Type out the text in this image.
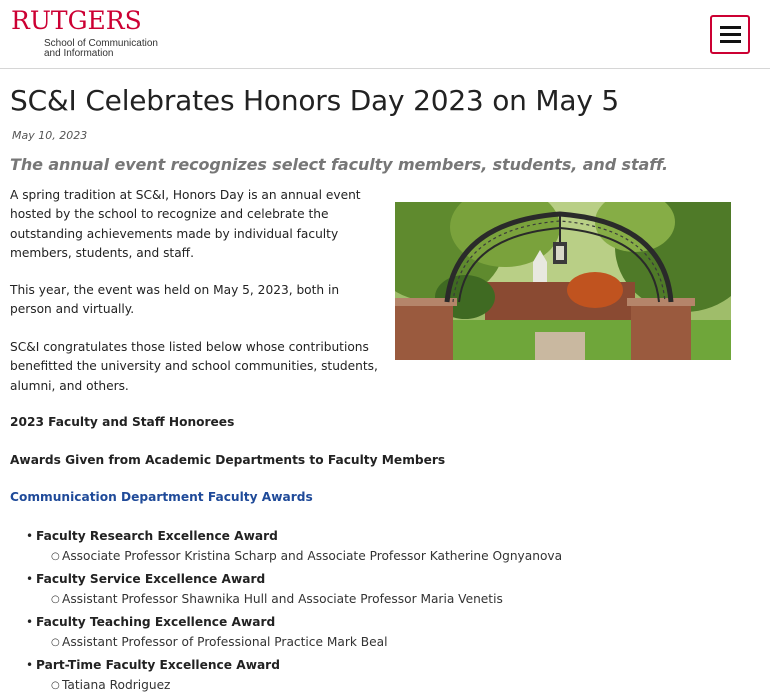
RUTGERS
School of Communication
and Information
SC&I Celebrates Honors Day 2023 on May 5
May 10, 2023
The annual event recognizes select faculty members, students, and staff.

A spring tradition at SC&I, Honors Day is an annual event hosted by the school to recognize and celebrate the outstanding achievements made by individual faculty members, students, and staff.

This year, the event was held on May 5, 2023, both in person and virtually.

SC&I congratulates those listed below whose contributions benefitted the university and school communities, students, alumni, and others.

2023 Faculty and Staff Honorees
Awards Given from Academic Departments to Faculty Members
Communication Department Faculty Awards
• Faculty Research Excellence Award
○ Associate Professor Kristina Scharp and Associate Professor Katherine Ognyanova
• Faculty Service Excellence Award
○ Assistant Professor Shawnika Hull and Associate Professor Maria Venetis
• Faculty Teaching Excellence Award
○ Assistant Professor of Professional Practice Mark Beal
• Part-Time Faculty Excellence Award
○ Tatiana Rodriguez
